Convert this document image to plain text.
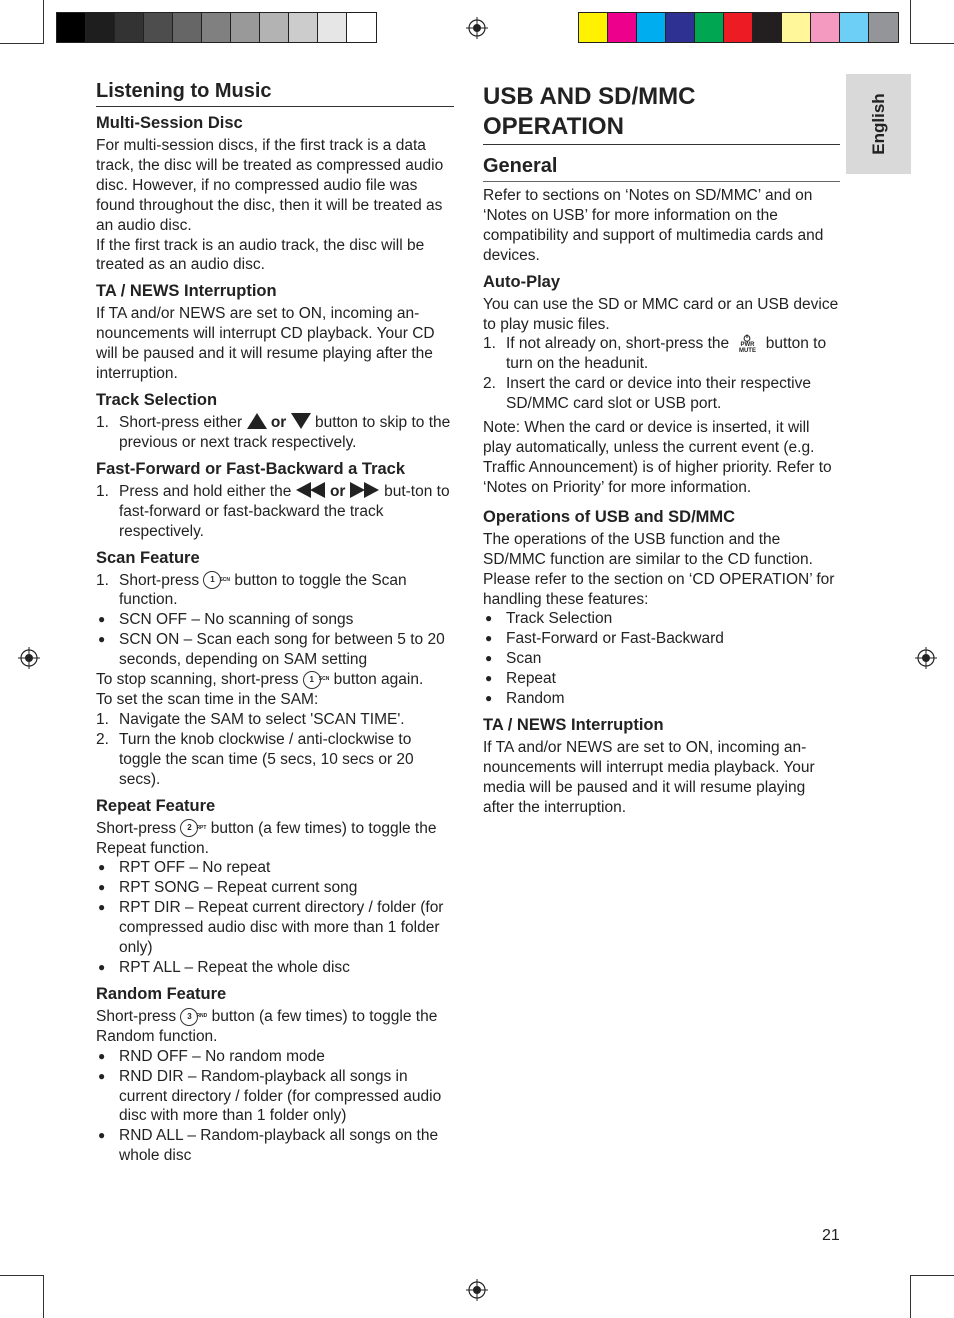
English
Listening to Music
Multi-Session Disc

For multi-session discs, if the first track is a data track, the disc will be treated as compressed audio disc. However, if no compressed audio file was found throughout the disc, then it will be treated as an audio disc.

If the first track is an audio track, the disc will be treated as an audio disc.

TA / NEWS Interruption

If TA and/or NEWS are set to ON, incoming an-nouncements will interrupt CD playback. Your CD will be paused and it will resume playing after the interruption.

Track Selection
1. Short-press either or button to skip to the previous or next track respectively.
Fast-Forward or Fast-Backward a Track
1. Press and hold either the or but-ton to fast-forward or fast-backward the track respectively.
Scan Feature
1. Short-press 1 SCN button to toggle the Scan function.
● SCN OFF – No scanning of songs
● SCN ON – Scan each song for between 5 to 20 seconds, depending on SAM setting

To stop scanning, short-press 1 SCN button again.

To set the scan time in the SAM:

1. Navigate the SAM to select 'SCAN TIME'.
2. Turn the knob clockwise / anti-clockwise to toggle the scan time (5 secs, 10 secs or 20 secs).
Repeat Feature

Short-press 2 RPT button (a few times) to toggle the Repeat function.

● RPT OFF – No repeat
● RPT SONG – Repeat current song
● RPT DIR – Repeat current directory / folder (for compressed audio disc with more than 1 folder only)
● RPT ALL – Repeat the whole disc
Random Feature

Short-press 3 RND button (a few times) to toggle the Random function.

● RND OFF – No random mode
● RND DIR – Random-playback all songs in current directory / folder (for compressed audio disc with more than 1 folder only)
● RND ALL – Random-playback all songs on the whole disc
USB AND SD/MMC OPERATION
General

Refer to sections on ‘Notes on SD/MMC’ and on ‘Notes on USB’ for more information on the compatibility and support of multimedia cards and devices.

Auto-Play

You can use the SD or MMC card or an USB device to play music files.

1. If not already on, short-press the	PWR
MUTE button to turn on the headunit.
2. Insert the card or device into their respective SD/MMC card slot or USB port.

Note: When the card or device is inserted, it will play automatically, unless the current event (e.g. Traffic Announcement) is of higher priority. Refer to ‘Notes on Priority’ for more information.

Operations of USB and SD/MMC

The operations of the USB function and the SD/MMC function are similar to the CD function. Please refer to the section on ‘CD OPERATION’ for handling these features:

● Track Selection
● Fast-Forward or Fast-Backward
● Scan
● Repeat
● Random
TA / NEWS Interruption

If TA and/or NEWS are set to ON, incoming an-nouncements will interrupt media playback. Your media will be paused and it will resume playing after the interruption.

21
